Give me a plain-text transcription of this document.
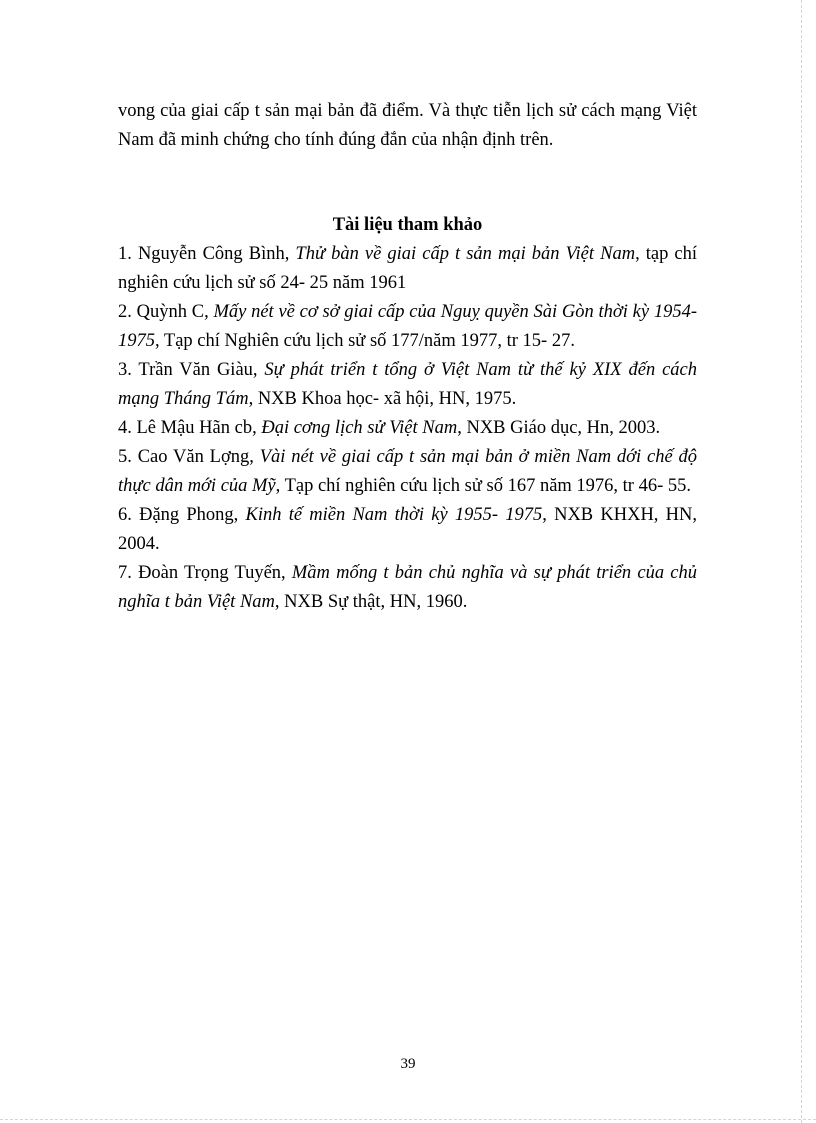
vong của giai cấp t sản mại bản đã điểm. Và thực tiễn lịch sử cách mạng Việt Nam đã minh chứng cho tính đúng đắn của nhận định trên.

Tài liệu tham khảo

1. Nguyễn Công Bình, Thử bàn về giai cấp t sản mại bản Việt Nam, tạp chí nghiên cứu lịch sử số 24- 25 năm 1961

2. Quỳnh C, Mấy nét về cơ sở giai cấp của Nguỵ quyền Sài Gòn thời kỳ 1954- 1975, Tạp chí Nghiên cứu lịch sử số 177/năm 1977, tr 15- 27.

3. Trần Văn Giàu, Sự phát triển t tổng ở Việt Nam từ thế kỷ XIX đến cách mạng Tháng Tám, NXB Khoa học- xã hội, HN, 1975.

4. Lê Mậu Hãn cb, Đại cơng lịch sử Việt Nam, NXB Giáo dục, Hn, 2003.

5. Cao Văn Lợng, Vài nét về giai cấp t sản mại bản ở miền Nam dới chế độ thực dân mới của Mỹ, Tạp chí nghiên cứu lịch sử số 167 năm 1976, tr 46- 55.

6. Đặng Phong, Kinh tế miền Nam thời kỳ 1955- 1975, NXB KHXH, HN, 2004.

7. Đoàn Trọng Tuyến, Mầm mống t bản chủ nghĩa và sự phát triển của chủ nghĩa t bản Việt Nam, NXB Sự thật, HN, 1960.

39
